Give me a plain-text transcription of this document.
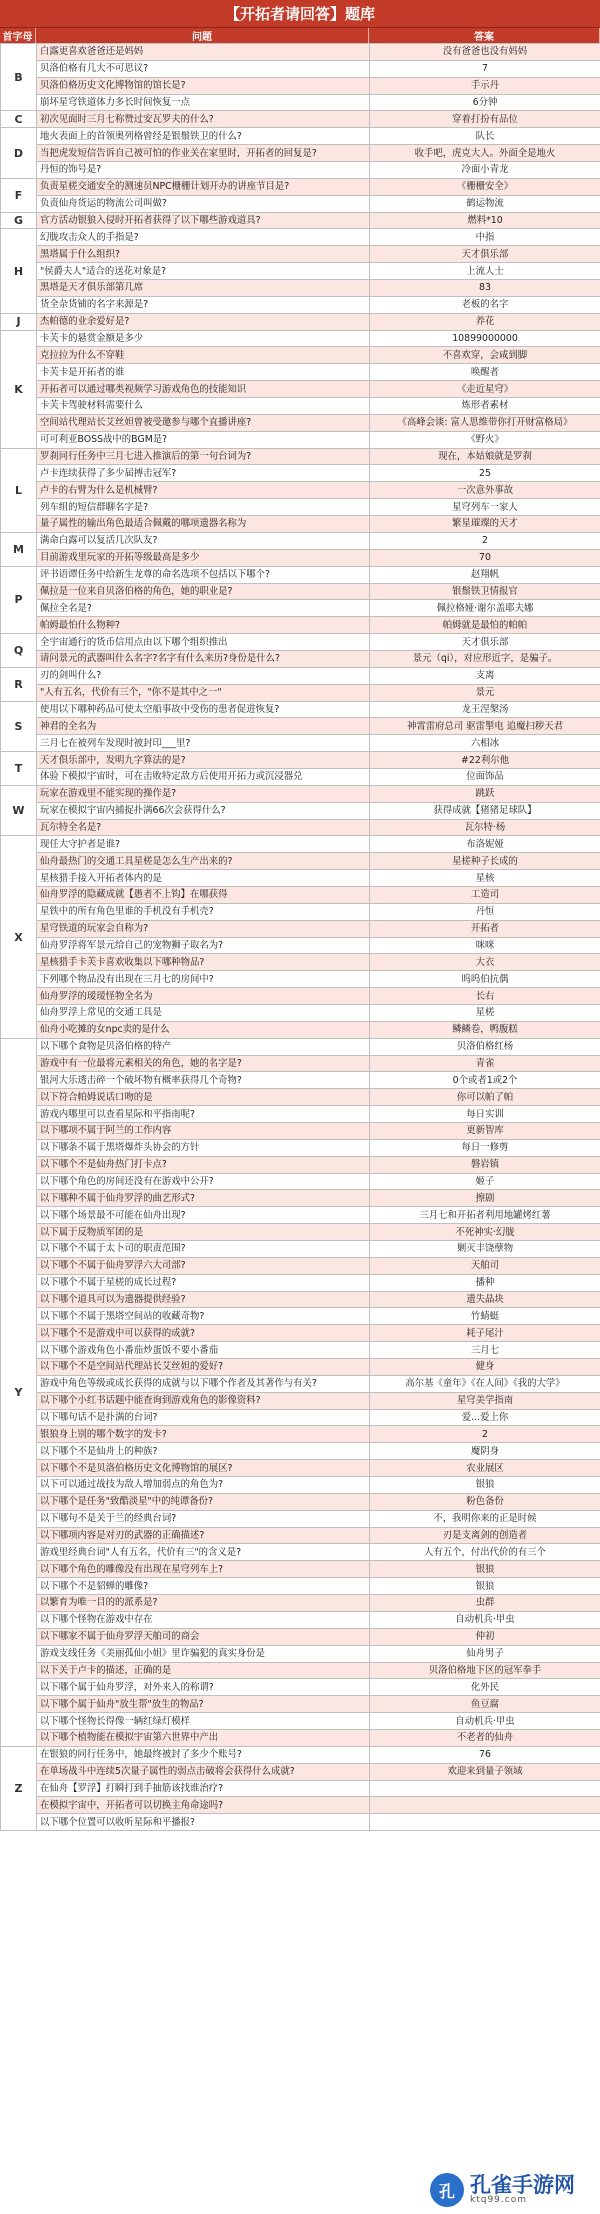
【开拓者请回答】题库
首字母	问题	答案
B	白露更喜欢爸爸还是妈妈	没有爸爸也没有妈妈
	贝洛伯格有几大不可思议?	7
	贝洛伯格历史文化博物馆的馆长是?	手示丹
	崩坏星穹铁道体力多长时间恢复一点	6分钟
C	初次见面时三月七称赞过安瓦罗夫的什么?	穿着打扮有品位
D	地火表面上的首领奥列格曾经是银鬃铁卫的什么?	队长
	当把虎发短信告诉自己被可怕的作业关在家里时，开拓者的回复是?	收手吧，虎克大人。外面全是地火
	丹恒的饰号是?	冷面小青龙
F	负责星槎交通安全的测速员NPC栅栅计划开办的讲座节目是?	《栅栅安全》
	负责仙舟货运的物流公司叫做?	鹤运物流
G	官方活动银狼入侵时开拓者获得了以下哪些游戏道具?	燃料*10
H	幻胧攻击众人的手指是?	中指
	黑塔属于什么组织?	天才俱乐部
	"侯爵夫人"适合的送花对象是?	上流人士
	黑塔是天才俱乐部第几席	83
	货全杂货铺的名字来源是?	老板的名字
J	杰帕德的业余爱好是?	养花
K	卡芙卡的悬赏金额是多少	10899000000
	克拉拉为什么不穿鞋	不喜欢穿，会咸到脚
	卡芙卡是开拓者的谁	唤醒者
	开拓者可以通过哪类视频学习游戏角色的技能知识	《走近星穹》
	卡芙卡驾驶材料需要什么	炼形者素材
	空间站代理站长艾丝妲曾被受邀参与哪个直播讲座?	《高峰会谈: 富人思维带你打开财富格局》
	可可利亚BOSS战中的BGM是?	《野火》
L	罗刹同行任务中三月七进入推演后的第一句台词为?	现在，本姑娘就是罗刹
	卢卡连续获得了多少届搏击冠军?	25
	卢卡的右臂为什么是机械臂?	一次意外事故
	列车组的短信群聊名字是?	星穹列车一家人
	量子属性的输出角色最适合佩戴的哪项遗器名称为	繁星璀璨的天才
M	满命白露可以复活几次队友?	2
	目前游戏里玩家的开拓等级最高是多少	70
P	评书语谭任务中给新生龙尊的命名选项不包括以下哪个?	赵翔帆
	佩拉是一位来自贝洛伯格的角色，她的职业是?	银鬃铁卫情报官
	佩拉全名是?	佩拉格娅·谢尔盖耶夫娜
	帕姆最怕什么物种?	帕姆就是最怕的帕帕
Q	全宇宙通行的货币信用点由以下哪个组织推出	天才俱乐部
	请问景元的武器叫什么名字?名字有什么来历?身份是什么?	景元（qi），对应形近字，是骗子。
R	刃的剑叫什么?	支离
	"人有五名，代价有三个，"你不是其中之一"	景元
S	使用以下哪种药品可使太空船事故中受伤的患者促进恢复?	龙王涅槃汤
	神君的全名为	神霄雷府总司 驱雷掣电 追魔扫秽天君
	三月七在被列车发现时被封印___里?	六相冰
T	天才俱乐部中，发明九字算法的是?	#22利尔他
	体验下模拟宇宙时，可在击败特定敌方后使用开拓力或沉浸器兑	位面饰品
W	玩家在游戏里不能实现的操作是?	跳跃
	玩家在模拟宇宙内捕捉扑满66次会获得什么?	获得成就【猪猪足球队】
	瓦尔特全名是?	瓦尔特·杨
X	现任大守护者是谁?	布洛妮娅
	仙舟最热门的交通工具星槎是怎么生产出来的?	星槎种子长成的
	星核猎手接入开拓者体内的是	星核
	仙舟罗浮的隐藏成就【愚者不上钩】在哪获得	工造司
	星铁中的所有角色里谁的手机没有手机壳?	丹恒
	星穹铁道的玩家会自称为?	开拓者
	仙舟罗浮将军景元给自己的宠物狮子取名为?	咪咪
	星核猎手卡芙卡喜欢收集以下哪种物品?	大衣
	下列哪个物品没有出现在三月七的房间中?	呜呜伯抗偶
	仙舟罗浮的瑷瑷怪物全名为	长右
	仙舟罗浮上常见的交通工具是	星槎
	仙舟小吃摊的女npc卖的是什么	鳞鳞卷，鸭腹糕
Y	以下哪个食物是贝洛伯格的特产	贝洛伯格红杨
	游戏中有一位最将元素相关的角色，她的名字是?	青雀
	银河大乐透击碎一个破坏物有概率获得几个奇物?	0个或者1或2个
	以下符合帕姆说话口吻的是	你可以帕了帕
	游戏内哪里可以查看星际和平指南呢?	每日实训
	以下哪项不属于阿兰的工作内容	更新智库
	以下哪条不属于黑塔爆炸头协会的方针	每日一修剪
	以下哪个不是仙舟热门打卡点?	磐岩镇
	以下哪个角色的房间还没有在游戏中公开?	姬子
	以下哪种不属于仙舟罗浮的曲艺形式?	擦剧
	以下哪个场景最不可能在仙舟出现?	三月七和开拓者利用地罐烤红薯
	以下属于反物质军团的是	不死神实·幻胧
	以下哪个不属于太卜司的职责范围?	剿灭丰饶孽物
	以下哪个不属于仙舟罗浮六大司部?	天舶司
	以下哪个不属于星槎的成长过程?	播种
	以下哪个道具可以为遗器提供经验?	遗失晶块
	以下哪个不属于黑塔空间站的收藏奇物?	竹蜻蜓
	以下哪个不是游戏中可以获得的成就?	耗子尾汁
	以下哪个游戏角色小番茄炒蛋饭不要小番茄	三月七
	以下哪个不是空间站代理站长艾丝妲的爱好?	健身
	游戏中角色等级或成长获得的成就与以下哪个作者及其著作与有关?	高尔基《童年》《在人间》《我的大学》
	以下哪个小红书话题中能查询到游戏角色的影像资料?	星穹美学指南
	以下哪句话不是扑满的台词?	爱...爱上你
	银狼身上别的哪个数字的发卡?	2
	以下哪个不是仙舟上的种族?	魔阴身
	以下哪个不是贝洛伯格历史文化博物馆的展区?	农业展区
	以下可以通过战技为敌人增加弱点的角色为?	银狼
	以下哪个是任务"致酷淡星"中的纯谭备份?	粉色备份
	以下哪句不是关于兰的经典台词?	不，我明你来的正是时候
	以下哪项内容是对刃的武器的正确描述?	刃是支离剑的创造者
	游戏里经典台词"人有五名，代价有三"的含义是?	人有五个，付出代价的有三个
	以下哪个角色的雕像没有出现在星穹列车上?	银狼
	以下哪个不是貂蝉的雕像?	银狼
	以繁育为唯一目的的派系是?	虫群
	以下哪个怪物在游戏中存在	自动机兵·甲虫
	以下哪家不属于仙舟罗浮天舶司的商会	仲初
	游戏支线任务《美丽孤仙小姐》里诈骗犯的真实身份是	仙舟男子
	以下关于卢卡的描述，正确的是	贝洛伯格地下区的冠军拳手
	以下哪个属于仙舟罗浮，对外来人的称谓?	化外民
	以下哪个属于仙舟"放生帮"放生的物品?	鱼豆腐
	以下哪个怪物长得像一辆红绿灯模样	自动机兵·甲虫
	以下哪个植物能在模拟宇宙第六世界中产出	不老者的仙舟
Z	在银狼的同行任务中，她最终被封了多少个账号?	76
	在单场战斗中连续5次量子属性的弱点击破将会获得什么成就?	欢迎来到量子领域
	在仙舟【罗浮】打瞬打到手抽筋该找谁治疗?	
	在模拟宇宙中，开拓者可以切换主角命途吗?	
	以下哪个位置可以收听星际和平播报?	
孔 孔雀手游网
ktq99.com
